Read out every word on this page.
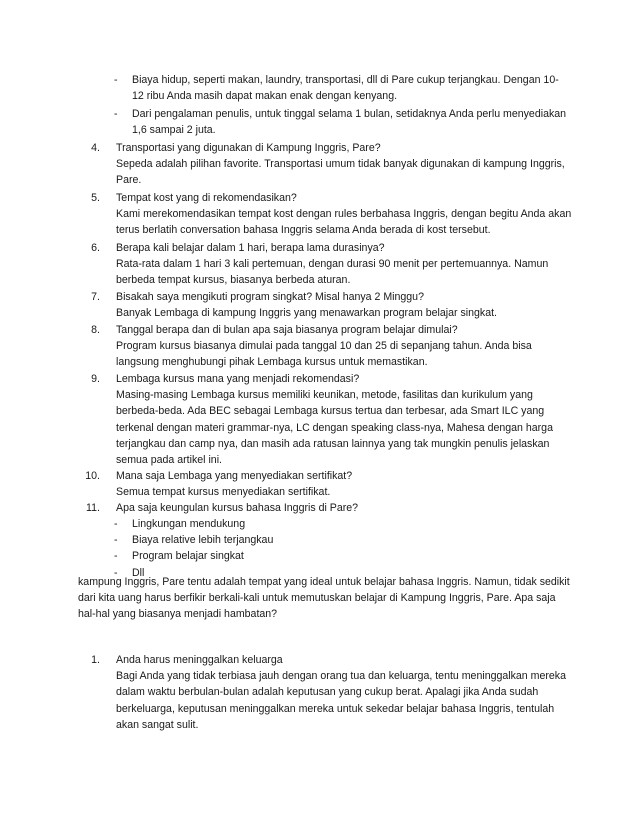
- Biaya hidup, seperti makan, laundry, transportasi, dll di Pare cukup terjangkau. Dengan 10-
12 ribu Anda masih dapat makan enak dengan kenyang.
- Dari pengalaman penulis, untuk tinggal selama 1 bulan, setidaknya Anda perlu menyediakan
1,6 sampai 2 juta.
4. Transportasi yang digunakan di Kampung Inggris, Pare?
Sepeda adalah pilihan favorite. Transportasi umum tidak banyak digunakan di kampung Inggris,
Pare.
5. Tempat kost yang di rekomendasikan?
Kami merekomendasikan tempat kost dengan rules berbahasa Inggris, dengan begitu Anda akan
terus berlatih conversation bahasa Inggris selama Anda berada di kost tersebut.
6. Berapa kali belajar dalam 1 hari, berapa lama durasinya?
Rata-rata dalam 1 hari 3 kali pertemuan, dengan durasi 90 menit per pertemuannya. Namun
berbeda tempat kursus, biasanya berbeda aturan.
7. Bisakah saya mengikuti program singkat? Misal hanya 2 Minggu?
Banyak Lembaga di kampung Inggris yang menawarkan program belajar singkat.
8. Tanggal berapa dan di bulan apa saja biasanya program belajar dimulai?
Program kursus biasanya dimulai pada tanggal 10 dan 25 di sepanjang tahun. Anda bisa
langsung menghubungi pihak Lembaga kursus untuk memastikan.
9. Lembaga kursus mana yang menjadi rekomendasi?
Masing-masing Lembaga kursus memiliki keunikan, metode, fasilitas dan kurikulum yang
berbeda-beda. Ada BEC sebagai Lembaga kursus tertua dan terbesar, ada Smart ILC yang
terkenal dengan materi grammar-nya, LC dengan speaking class-nya, Mahesa dengan harga
terjangkau dan camp nya, dan masih ada ratusan lainnya yang tak mungkin penulis jelaskan
semua pada artikel ini.
10. Mana saja Lembaga yang menyediakan sertifikat?
Semua tempat kursus menyediakan sertifikat.
11. Apa saja keungulan kursus bahasa Inggris di Pare?
- Lingkungan mendukung
- Biaya relative lebih terjangkau
- Program belajar singkat
- Dll
kampung Inggris, Pare tentu adalah tempat yang ideal untuk belajar bahasa Inggris. Namun, tidak sedikit
dari kita uang harus berfikir berkali-kali untuk memutuskan belajar di Kampung Inggris, Pare. Apa saja
hal-hal yang biasanya menjadi hambatan?
1. Anda harus meninggalkan keluarga
Bagi Anda yang tidak terbiasa jauh dengan orang tua dan keluarga, tentu meninggalkan mereka
dalam waktu berbulan-bulan adalah keputusan yang cukup berat. Apalagi jika Anda sudah
berkeluarga, keputusan meninggalkan mereka untuk sekedar belajar bahasa Inggris, tentulah
akan sangat sulit.
